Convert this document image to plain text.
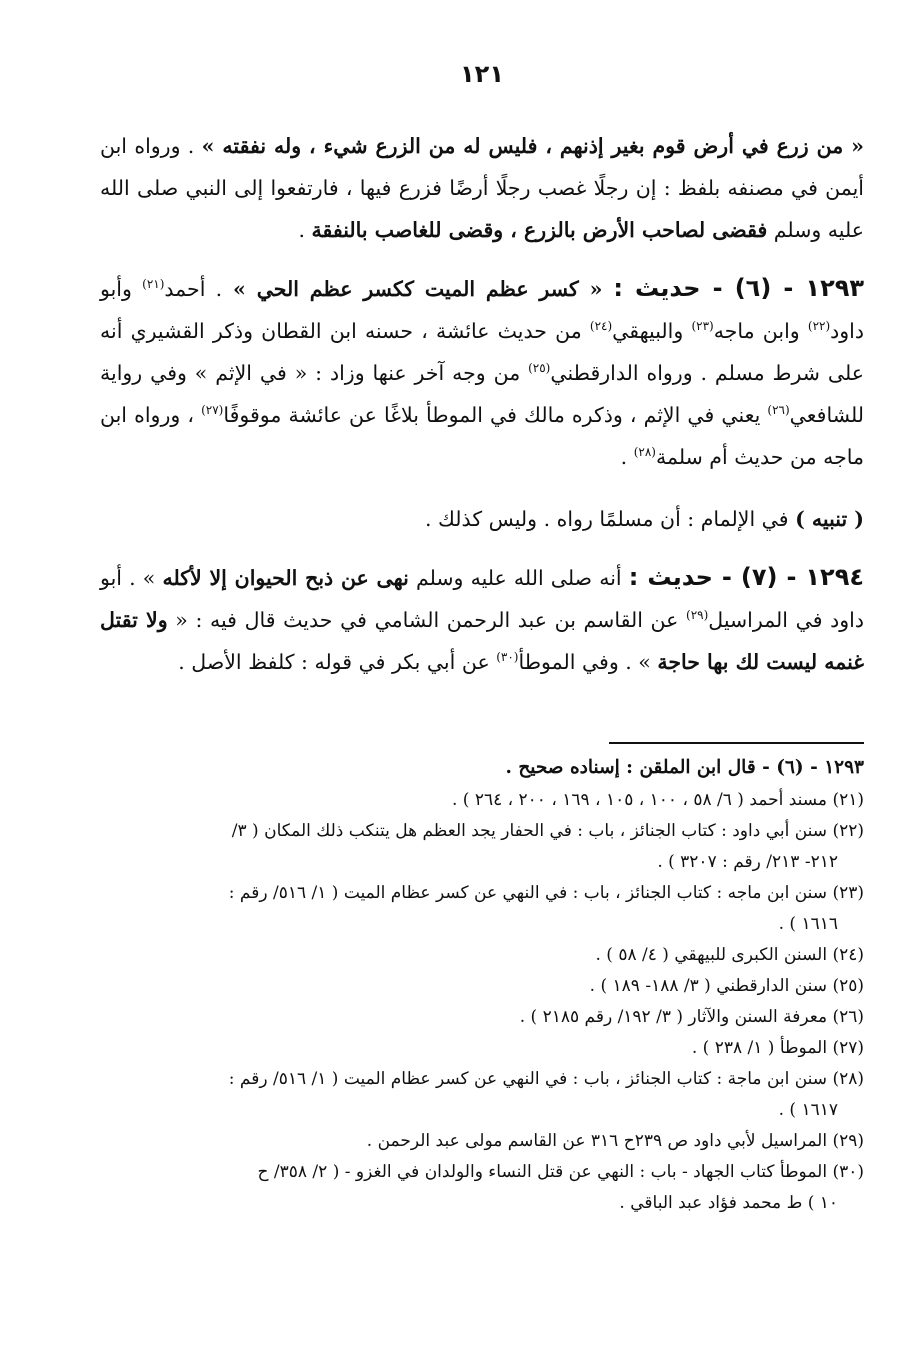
١٢١

« من زرع في أرض قوم بغير إذنهم ، فليس له من الزرع شيء ، وله نفقته » . ورواه ابن أيمن في مصنفه بلفظ : إن رجلًا غصب رجلًا أرضًا فزرع فيها ، فارتفعوا إلى النبي صلى الله عليه وسلم فقضى لصاحب الأرض بالزرع ، وقضى للغاصب بالنفقة .

١٢٩٣ - (٦) - حديث : « كسر عظم الميت ككسر عظم الحي » . أحمد$^{(٢١)}$ وأبو داود$^{(٢٢)}$ وابن ماجه$^{(٢٣)}$ والبيهقي$^{(٢٤)}$ من حديث عائشة ، حسنه ابن القطان وذكر القشيري أنه على شرط مسلم . ورواه الدارقطني$^{(٢٥)}$ من وجه آخر عنها وزاد : « في الإثم » وفي رواية للشافعي$^{(٢٦)}$ يعني في الإثم ، وذكره مالك في الموطأ بلاغًا عن عائشة موقوفًا$^{(٢٧)}$ ، ورواه ابن ماجه من حديث أم سلمة$^{(٢٨)}$ .

( تنبيه ) في الإلمام : أن مسلمًا رواه . وليس كذلك .

١٢٩٤ - (٧) - حديث : أنه صلى الله عليه وسلم نهى عن ذبح الحيوان إلا لأكله » . أبو داود في المراسيل$^{(٢٩)}$ عن القاسم بن عبد الرحمن الشامي في حديث قال فيه : « ولا تقتل غنمه ليست لك بها حاجة » . وفي الموطأ$^{(٣٠)}$ عن أبي بكر في قوله : كلفظ الأصل .

١٢٩٣ - (٦) - قال ابن الملقن : إسناده صحيح .

(٢١) مسند أحمد ( ٦/ ٥٨ ، ١٠٠ ، ١٠٥ ، ١٦٩ ، ٢٠٠ ، ٢٦٤ ) .

(٢٢) سنن أبي داود : كتاب الجنائز ، باب : في الحفار يجد العظم هل يتنكب ذلك المكان ( ٣/

٢١٢- ٢١٣/ رقم : ٣٢٠٧ ) .

(٢٣) سنن ابن ماجه : كتاب الجنائز ، باب : في النهي عن كسر عظام الميت ( ١/ ٥١٦/ رقم :

١٦١٦ ) .

(٢٤) السنن الكبرى للبيهقي ( ٤/ ٥٨ ) .

(٢٥) سنن الدارقطني ( ٣/ ١٨٨- ١٨٩ ) .

(٢٦) معرفة السنن والآثار ( ٣/ ١٩٢/ رقم ٢١٨٥ ) .

(٢٧) الموطأ ( ١/ ٢٣٨ ) .

(٢٨) سنن ابن ماجة : كتاب الجنائز ، باب : في النهي عن كسر عظام الميت ( ١/ ٥١٦/ رقم :

١٦١٧ ) .

(٢٩) المراسيل لأبي داود ص ٢٣٩ح ٣١٦ عن القاسم مولى عبد الرحمن .

(٣٠) الموطأ كتاب الجهاد - باب : النهي عن قتل النساء والولدان في الغزو - ( ٢/ ٣٥٨/ ح

١٠ ) ط محمد فؤاد عبد الباقي .
